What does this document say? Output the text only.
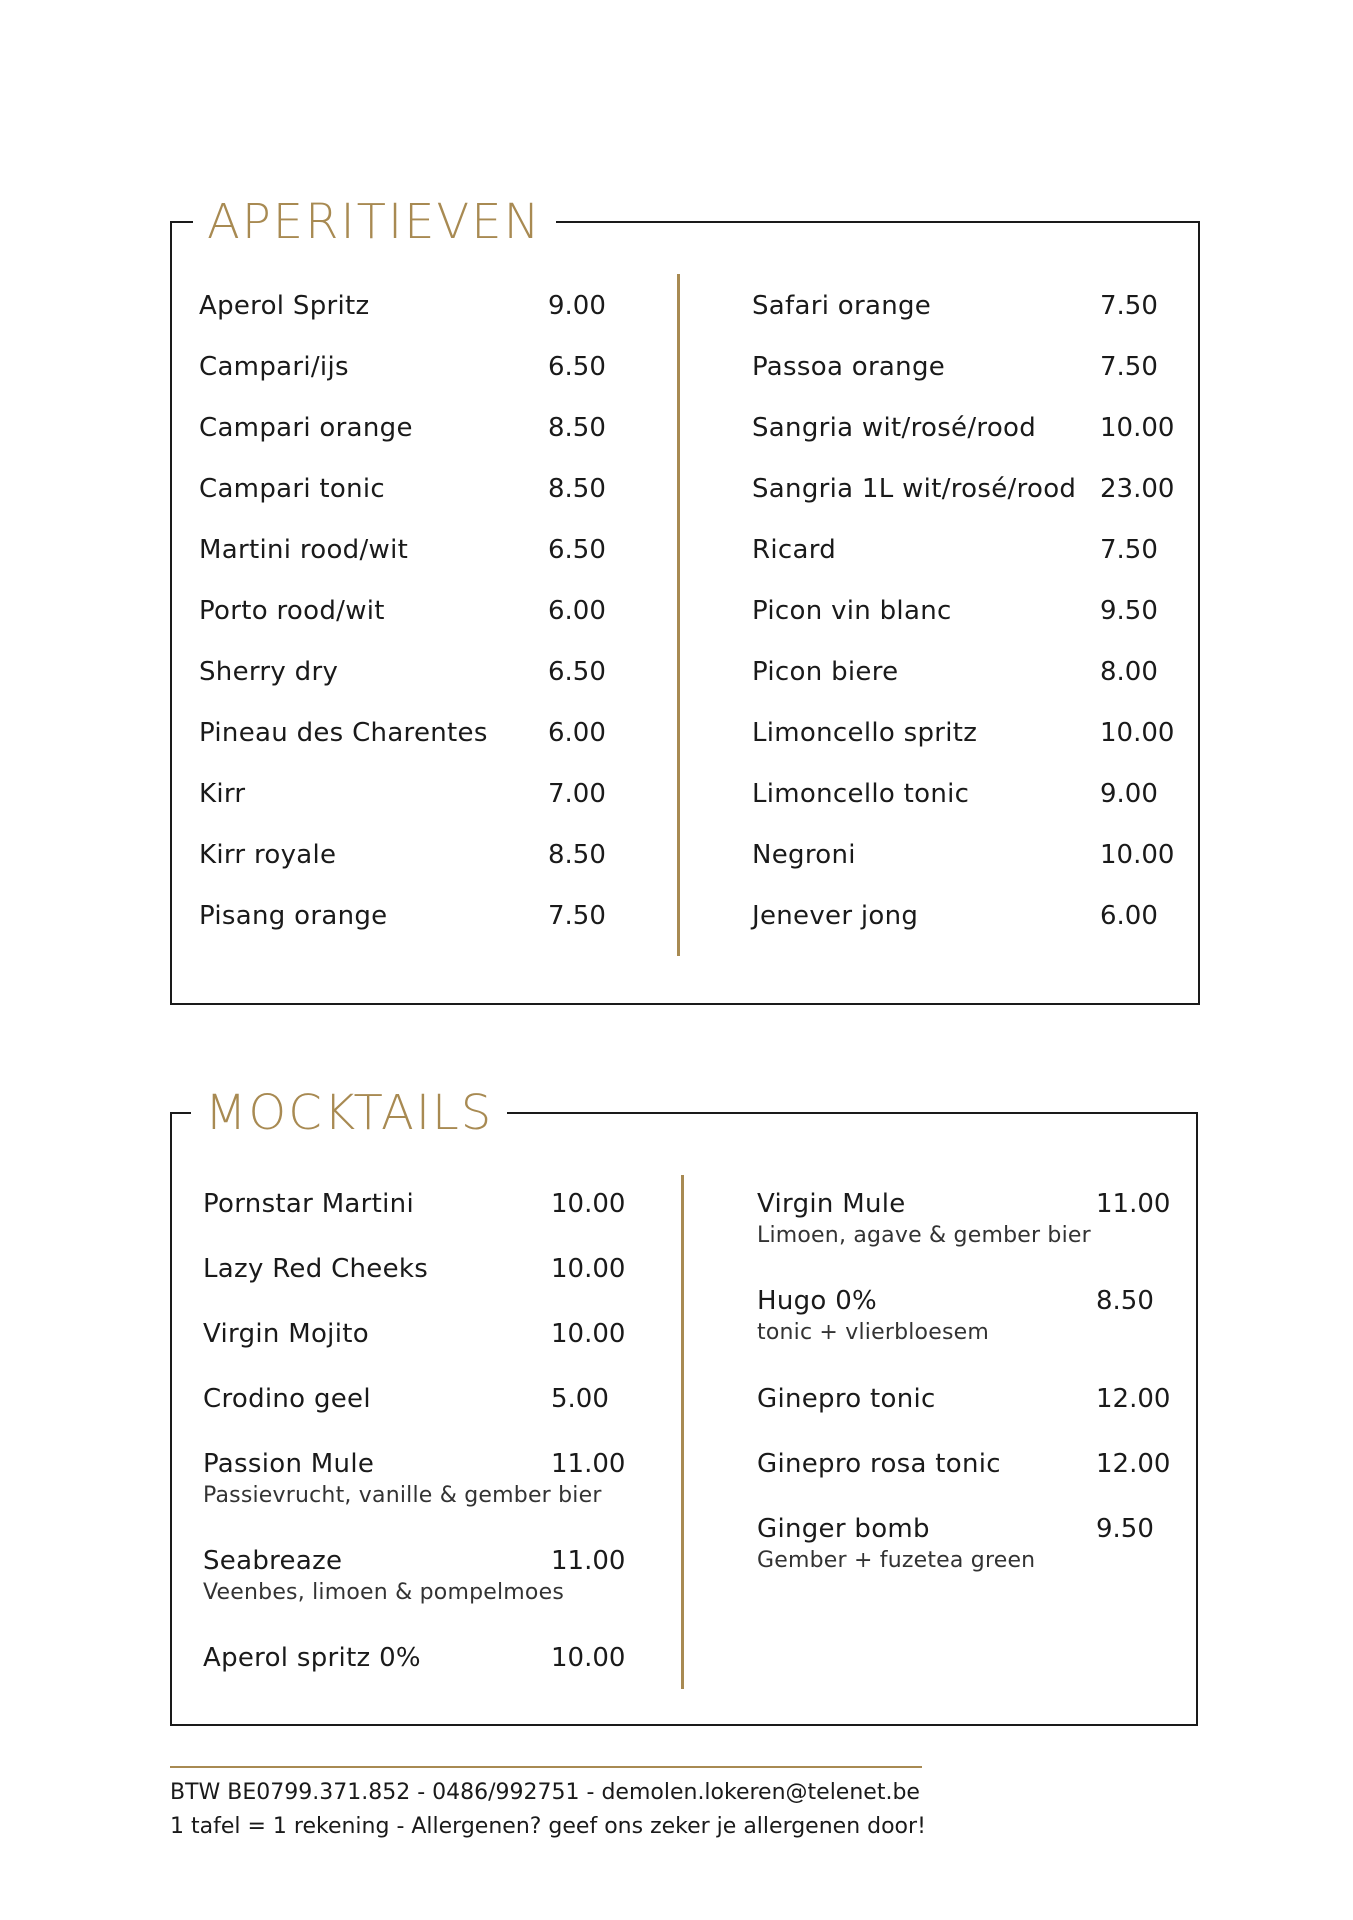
APERITIEVEN
Aperol Spritz	9.00
Campari/ijs	6.50
Campari orange	8.50
Campari tonic	8.50
Martini rood/wit	6.50
Porto rood/wit	6.00
Sherry dry	6.50
Pineau des Charentes 6.00
Kirr	7.00
Kirr royale	8.50
Pisang orange	7.50
Safari orange	7.50
Passoa orange	7.50
Sangria wit/rosé/rood 10.00
Sangria 1L wit/rosé/rood 23.00
Ricard	7.50
Picon vin blanc	9.50
Picon biere	8.00
Limoncello spritz	10.00
Limoncello tonic	9.00
Negroni	10.00
Jenever jong	6.00
MOCKTAILS
Pornstar Martini	10.00
Lazy Red Cheeks	10.00
Virgin Mojito	10.00
Crodino geel	5.00
Passion Mule	11.00
Passievrucht, vanille & gember bier
Seabreaze	11.00
Veenbes, limoen & pompelmoes
Aperol spritz 0%	10.00
Virgin Mule	11.00
Limoen, agave & gember bier
Hugo 0%	8.50
tonic + vlierbloesem
Ginepro tonic	12.00
Ginepro rosa tonic	12.00
Ginger bomb	9.50
Gember + fuzetea green
BTW BE0799.371.852 - 0486/992751 - demolen.lokeren@telenet.be
1 tafel = 1 rekening - Allergenen? geef ons zeker je allergenen door!
